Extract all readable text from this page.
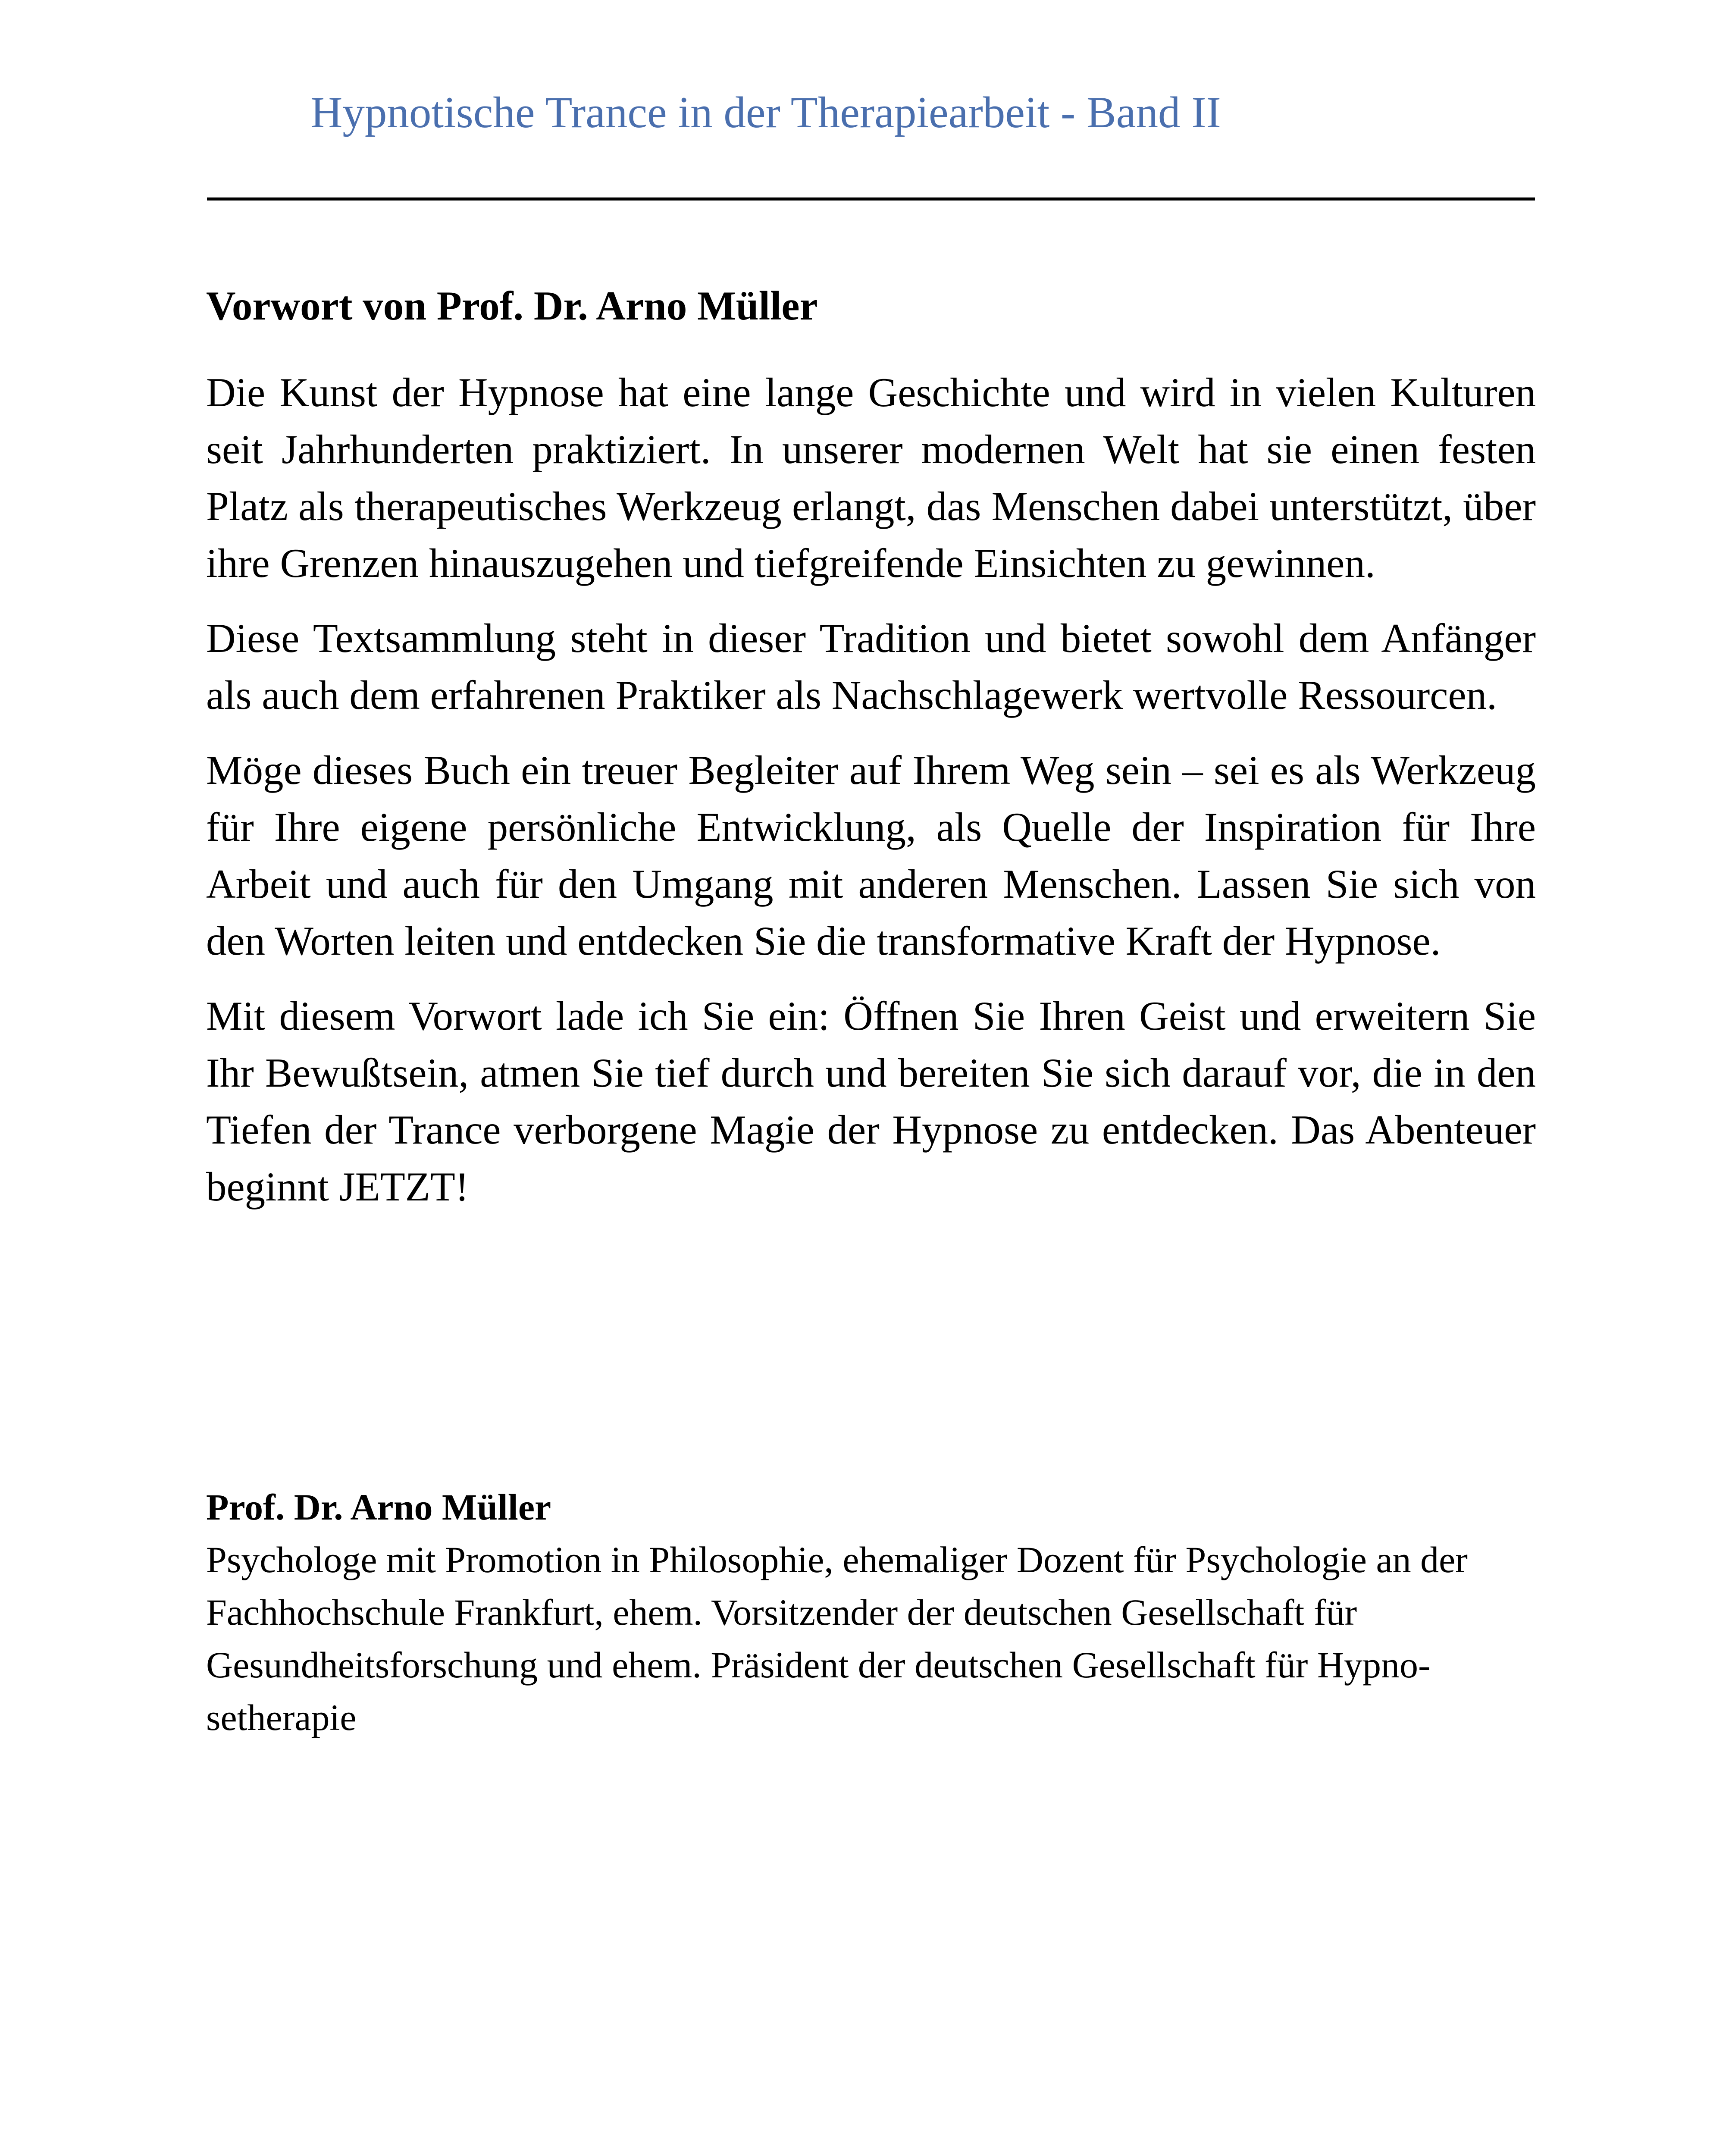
Hypnotische Trance in der Therapiearbeit - Band II
Vorwort von Prof. Dr. Arno Müller

Die Kunst der Hypnose hat eine lange Geschichte und wird in vielen Kulturen seit Jahrhunderten praktiziert. In unserer modernen Welt hat sie einen festen Platz als therapeutisches Werkzeug erlangt, das Menschen dabei unterstützt, über ihre Grenzen hinauszugehen und tiefgreifende Einsichten zu gewinnen.

Diese Textsammlung steht in dieser Tradition und bietet sowohl dem Anfänger als auch dem erfahrenen Praktiker als Nachschlagewerk wertvolle Ressourcen.

Möge dieses Buch ein treuer Begleiter auf Ihrem Weg sein – sei es als Werkzeug für Ihre eigene persönliche Entwicklung, als Quelle der Inspiration für Ihre Arbeit und auch für den Umgang mit anderen Menschen. Lassen Sie sich von den Worten leiten und entdecken Sie die transformative Kraft der Hypnose.

Mit diesem Vorwort lade ich Sie ein: Öffnen Sie Ihren Geist und erweitern Sie Ihr Bewußtsein, atmen Sie tief durch und bereiten Sie sich darauf vor, die in den Tiefen der Trance verborgene Magie der Hypnose zu entdecken. Das Abenteuer beginnt JETZT!

Prof. Dr. Arno Müller

Psychologe mit Promotion in Philosophie, ehemaliger Dozent für Psychologie an der Fachhochschule Frankfurt, ehem. Vorsitzender der deutschen Gesellschaft für Gesundheitsforschung und ehem. Präsident der deutschen Gesellschaft für Hypnosetherapie
